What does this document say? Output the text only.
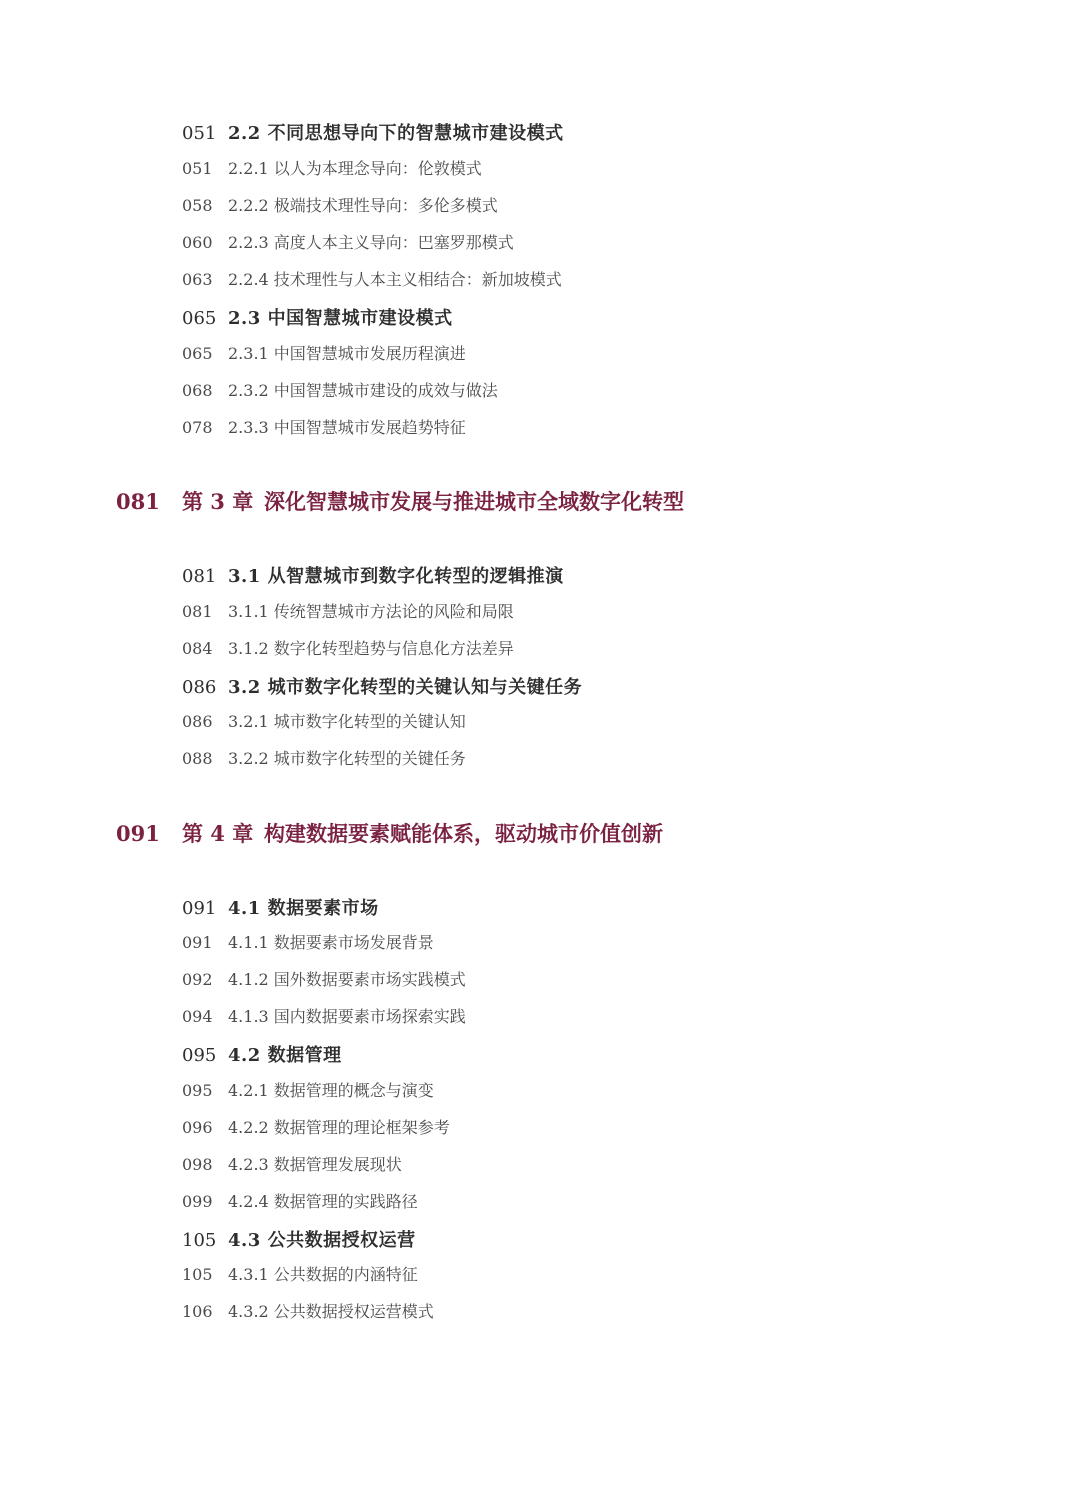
051 2.2 不同思想导向下的智慧城市建设模式
051 2.2.1 以人为本理念导向：伦敦模式
058 2.2.2 极端技术理性导向：多伦多模式
060 2.2.3 高度人本主义导向：巴塞罗那模式
063 2.2.4 技术理性与人本主义相结合：新加坡模式
065 2.3 中国智慧城市建设模式
065 2.3.1 中国智慧城市发展历程演进
068 2.3.2 中国智慧城市建设的成效与做法
078 2.3.3 中国智慧城市发展趋势特征
081 第 3 章 深化智慧城市发展与推进城市全域数字化转型
081 3.1 从智慧城市到数字化转型的逻辑推演
081 3.1.1 传统智慧城市方法论的风险和局限
084 3.1.2 数字化转型趋势与信息化方法差异
086 3.2 城市数字化转型的关键认知与关键任务
086 3.2.1 城市数字化转型的关键认知
088 3.2.2 城市数字化转型的关键任务
091 第 4 章 构建数据要素赋能体系，驱动城市价值创新
091 4.1 数据要素市场
091 4.1.1 数据要素市场发展背景
092 4.1.2 国外数据要素市场实践模式
094 4.1.3 国内数据要素市场探索实践
095 4.2 数据管理
095 4.2.1 数据管理的概念与演变
096 4.2.2 数据管理的理论框架参考
098 4.2.3 数据管理发展现状
099 4.2.4 数据管理的实践路径
105 4.3 公共数据授权运营
105 4.3.1 公共数据的内涵特征
106 4.3.2 公共数据授权运营模式
